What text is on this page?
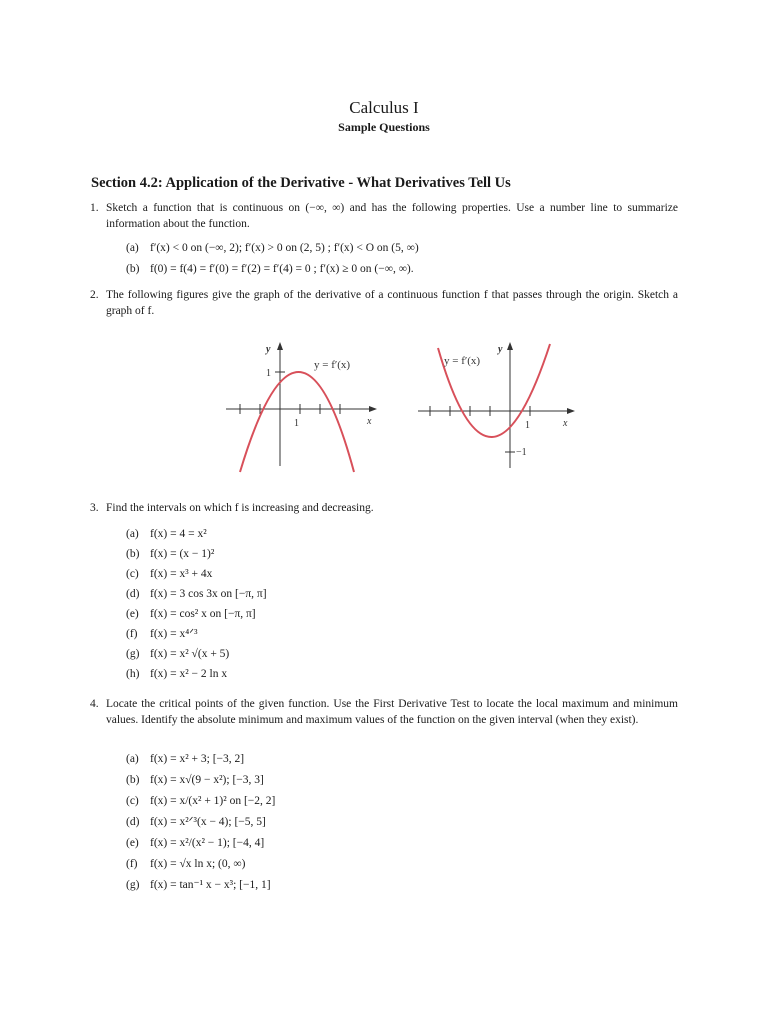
Calculus I
Sample Questions
Section 4.2: Application of the Derivative - What Derivatives Tell Us
1. Sketch a function that is continuous on (−∞, ∞) and has the following properties. Use a number line to summarize information about the function.
(a) f′(x) < 0 on (−∞, 2); f′(x) > 0 on (2, 5) ; f′(x) < O on (5, ∞)
(b) f(0) = f(4) = f′(0) = f′(2) = f′(4) = 0 ; f′(x) ≥ 0 on (−∞, ∞).
2. The following figures give the graph of the derivative of a continuous function f that passes through the origin. Sketch a graph of f.
y
x
y = f′(x)
1
1
y
x
y = f′(x)
−1
1
3. Find the intervals on which f is increasing and decreasing.
(a) f(x) = 4 = x²
(b) f(x) = (x − 1)²
(c) f(x) = x³ + 4x
(d) f(x) = 3 cos 3x on [−π, π]
(e) f(x) = cos² x on [−π, π]
(f) f(x) = x⁴ᐟ³
(g) f(x) = x² √(x + 5)
(h) f(x) = x² − 2 ln x
4. Locate the critical points of the given function. Use the First Derivative Test to locate the local maximum and minimum values. Identify the absolute minimum and maximum values of the function on the given interval (when they exist).
(a) f(x) = x² + 3; [−3, 2]
(b) f(x) = x√(9 − x²); [−3, 3]
(c) f(x) = x/(x² + 1)² on [−2, 2]
(d) f(x) = x²ᐟ³(x − 4); [−5, 5]
(e) f(x) = x²/(x² − 1); [−4, 4]
(f) f(x) = √x ln x; (0, ∞)
(g) f(x) = tan⁻¹ x − x³; [−1, 1]
